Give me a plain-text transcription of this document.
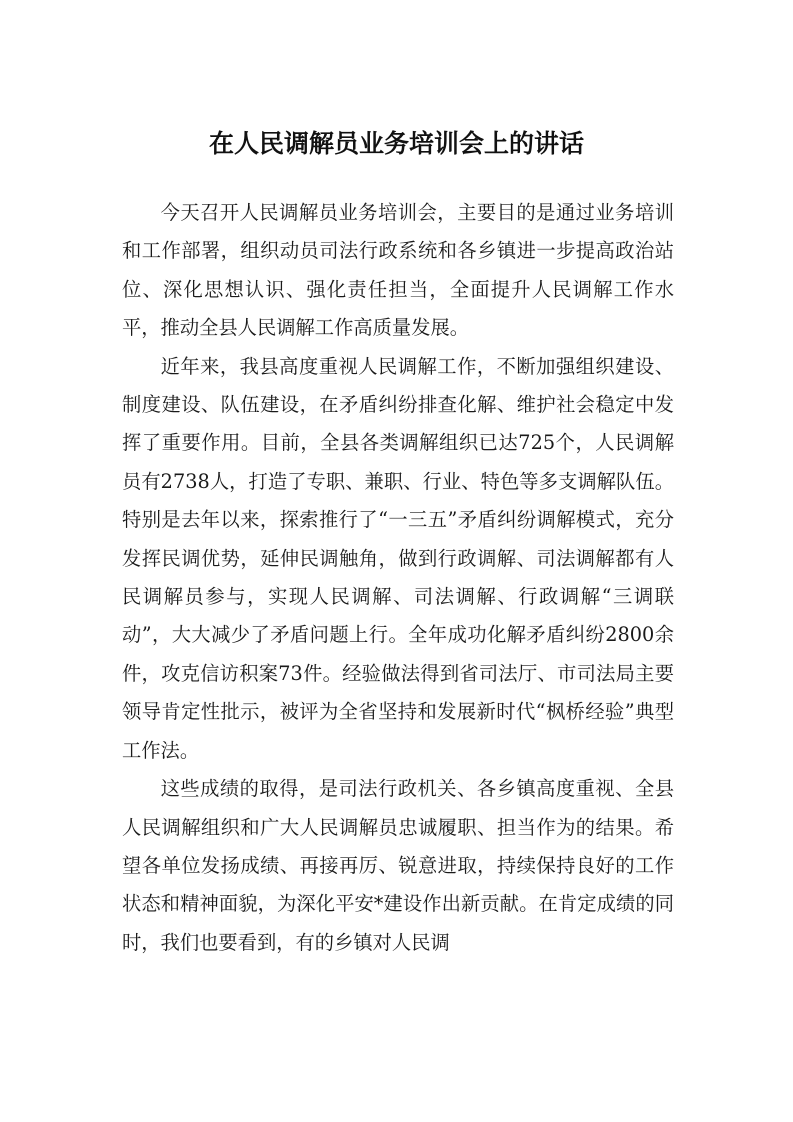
在人民调解员业务培训会上的讲话

今天召开人民调解员业务培训会，主要目的是通过业务培训和工作部署，组织动员司法行政系统和各乡镇进一步提高政治站位、深化思想认识、强化责任担当，全面提升人民调解工作水平，推动全县人民调解工作高质量发展。

近年来，我县高度重视人民调解工作，不断加强组织建设、制度建设、队伍建设，在矛盾纠纷排查化解、维护社会稳定中发挥了重要作用。目前，全县各类调解组织已达725个，人民调解员有2738人，打造了专职、兼职、行业、特色等多支调解队伍。特别是去年以来，探索推行了“一三五”矛盾纠纷调解模式，充分发挥民调优势，延伸民调触角，做到行政调解、司法调解都有人民调解员参与，实现人民调解、司法调解、行政调解“三调联动”，大大减少了矛盾问题上行。全年成功化解矛盾纠纷2800余件，攻克信访积案73件。经验做法得到省司法厅、市司法局主要领导肯定性批示，被评为全省坚持和发展新时代“枫桥经验”典型工作法。

这些成绩的取得，是司法行政机关、各乡镇高度重视、全县人民调解组织和广大人民调解员忠诚履职、担当作为的结果。希望各单位发扬成绩、再接再厉、锐意进取，持续保持良好的工作状态和精神面貌，为深化平安*建设作出新贡献。在肯定成绩的同时，我们也要看到，有的乡镇对人民调
